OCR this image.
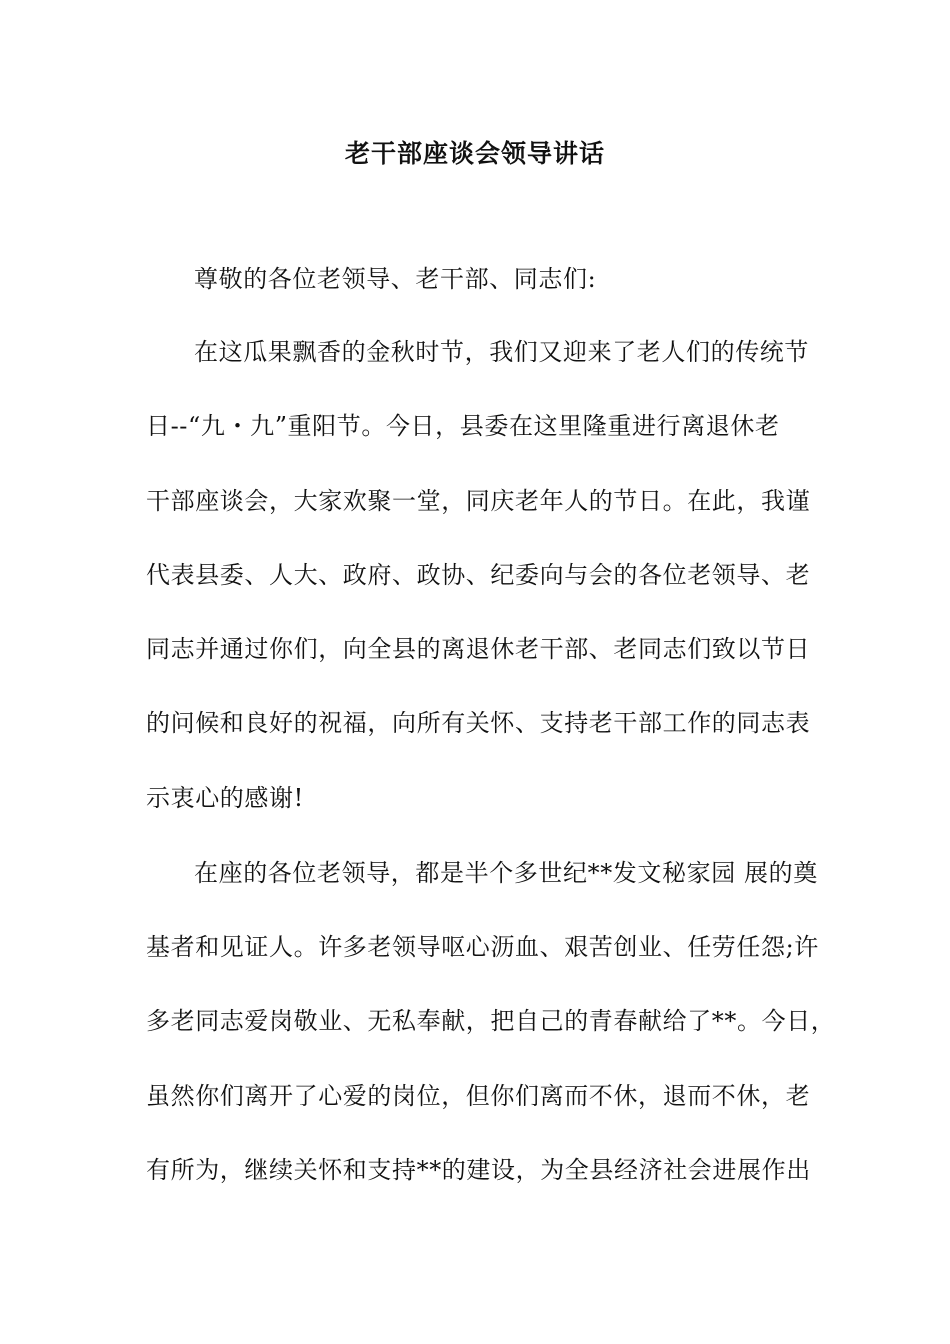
老干部座谈会领导讲话
尊敬的各位老领导、老干部、同志们:
在这瓜果飘香的金秋时节，我们又迎来了老人们的传统节
日--“九・九”重阳节。今日，县委在这里隆重进行离退休老
干部座谈会，大家欢聚一堂，同庆老年人的节日。在此，我谨
代表县委、人大、政府、政协、纪委向与会的各位老领导、老
同志并通过你们，向全县的离退休老干部、老同志们致以节日
的问候和良好的祝福，向所有关怀、支持老干部工作的同志表
示衷心的感谢!
在座的各位老领导，都是半个多世纪**发文秘家园 展的奠
基者和见证人。许多老领导呕心沥血、艰苦创业、任劳任怨;许
多老同志爱岗敬业、无私奉献，把自己的青春献给了**。今日，
虽然你们离开了心爱的岗位，但你们离而不休，退而不休，老
有所为，继续关怀和支持**的建设，为全县经济社会进展作出
